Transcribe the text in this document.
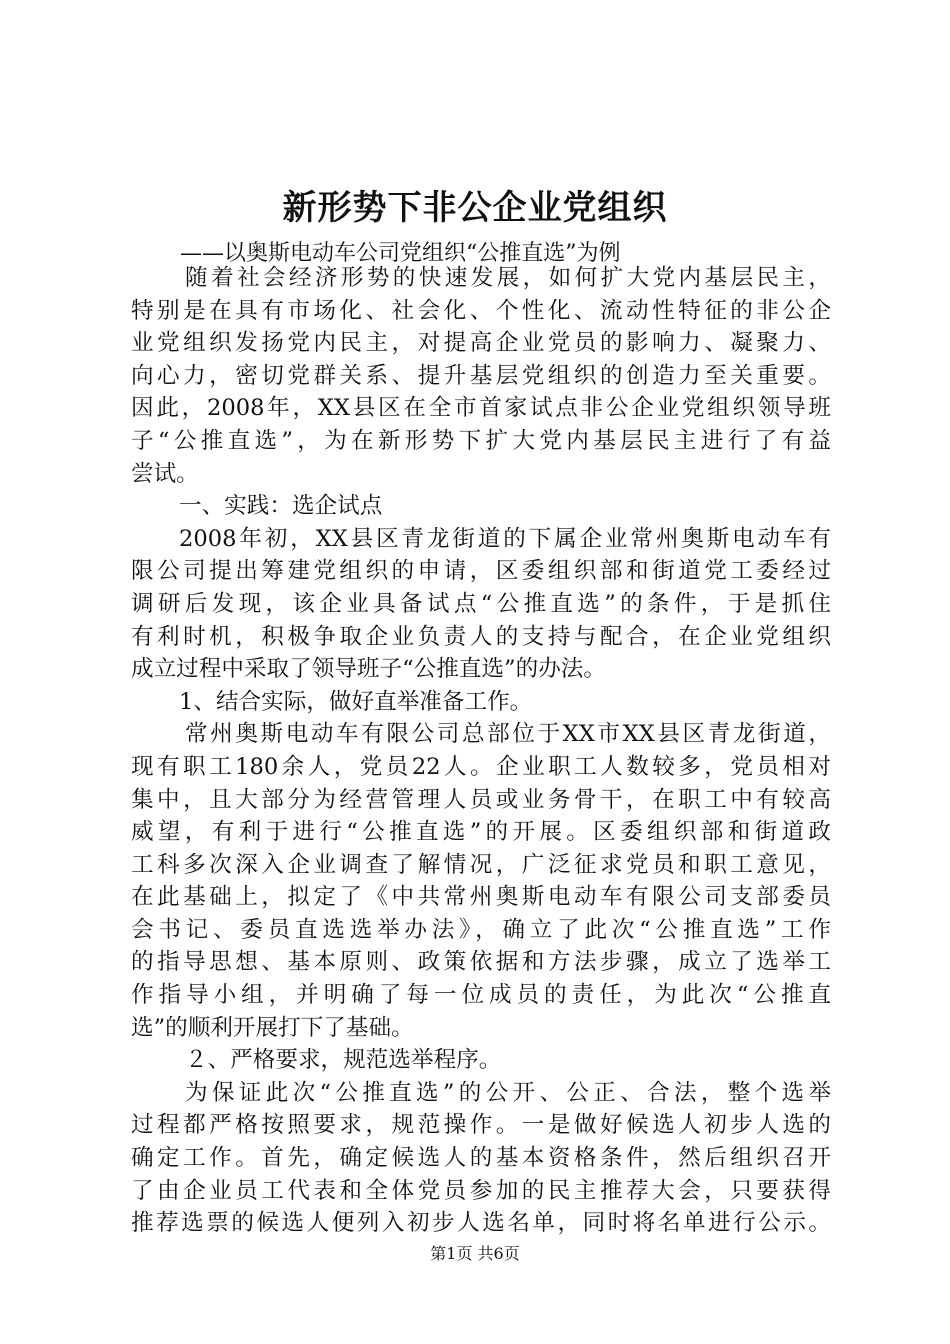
新形势下非公企业党组织
——以奥斯电动车公司党组织“公推直选”为例
随着社会经济形势的快速发展，如何扩大党内基层民主，
特别是在具有市场化、社会化、个性化、流动性特征的非公企
业党组织发扬党内民主，对提高企业党员的影响力、凝聚力、
向心力，密切党群关系、提升基层党组织的创造力至关重要。
因此，2008年，XX县区在全市首家试点非公企业党组织领导班
子“公推直选”，为在新形势下扩大党内基层民主进行了有益
尝试。
一、实践：选企试点
2008年初，XX县区青龙街道的下属企业常州奥斯电动车有
限公司提出筹建党组织的申请，区委组织部和街道党工委经过
调研后发现，该企业具备试点“公推直选”的条件，于是抓住
有利时机，积极争取企业负责人的支持与配合，在企业党组织
成立过程中采取了领导班子“公推直选”的办法。
1、结合实际，做好直举准备工作。
常州奥斯电动车有限公司总部位于XX市XX县区青龙街道，
现有职工180余人，党员22人。企业职工人数较多，党员相对
集中，且大部分为经营管理人员或业务骨干，在职工中有较高
威望，有利于进行“公推直选”的开展。区委组织部和街道政
工科多次深入企业调查了解情况，广泛征求党员和职工意见，
在此基础上，拟定了《中共常州奥斯电动车有限公司支部委员
会书记、委员直选选举办法》，确立了此次“公推直选”工作
的指导思想、基本原则、政策依据和方法步骤，成立了选举工
作指导小组，并明确了每一位成员的责任，为此次“公推直
选”的顺利开展打下了基础。
２、严格要求，规范选举程序。
为保证此次“公推直选”的公开、公正、合法，整个选举
过程都严格按照要求，规范操作。一是做好候选人初步人选的
确定工作。首先，确定候选人的基本资格条件，然后组织召开
了由企业员工代表和全体党员参加的民主推荐大会，只要获得
推荐选票的候选人便列入初步人选名单，同时将名单进行公示。
第1页 共6页
